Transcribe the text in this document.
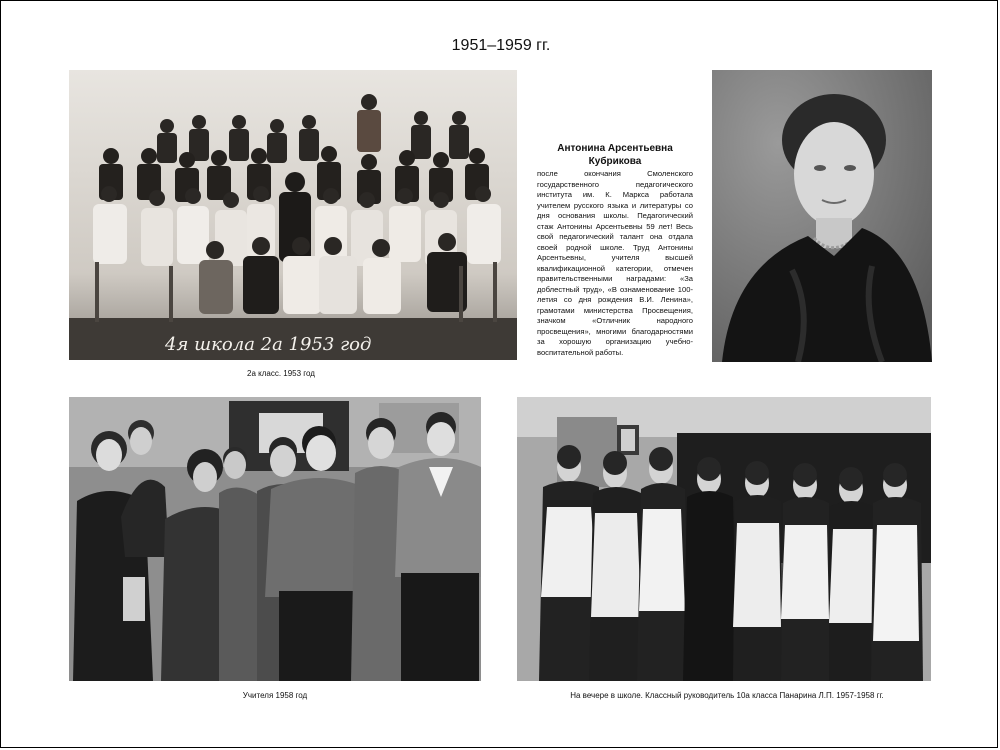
1951–1959 гг.
4я школа 2а 1953 год
2а класс. 1953 год
Антонина Арсентьевна
Кубрикова
после окончания Смоленского государственного педагогического института им. К. Маркса работала учителем русского языка и литературы со дня основания школы. Педагогический стаж Антонины Арсентьевны 59 лет! Весь свой педагогический талант она отдала своей родной школе. Труд Антонины Арсентьевны, учителя высшей квалификационной категории, отмечен правительственными наградами: «За доблестный труд», «В ознаменование 100-летия со дня рождения В.И. Ленина», грамотами министерства Просвещения, значком «Отличник народного просвещения», многими благодарностями за хорошую организацию учебно-воспитательной работы.
Учителя 1958 год	На вечере в школе. Классный руководитель 10а класса Панарина Л.П. 1957-1958 гг.
